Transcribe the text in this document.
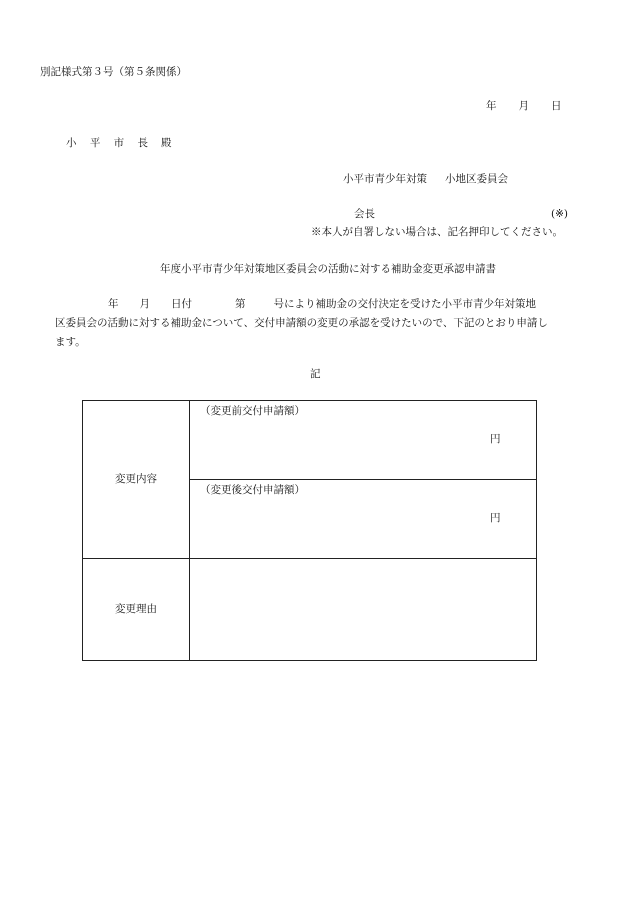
別記様式第３号（第５条関係）
年 月 日
小 平 市 長 殿
小平市青少年対策 小地区委員会
会長	(※)
※本人が自署しない場合は、記名押印してください。
年度小平市青少年対策地区委員会の活動に対する補助金変更承認申請書
年 月 日付	第	号により補助金の交付決定を受けた小平市青少年対策地
区委員会の活動に対する補助金について、交付申請額の変更の承認を受けたいので、下記のとおり申請し
ます。
記
変更内容	（変更前交付申請額）
円

	（変更後交付申請額）
円

変更理由	
